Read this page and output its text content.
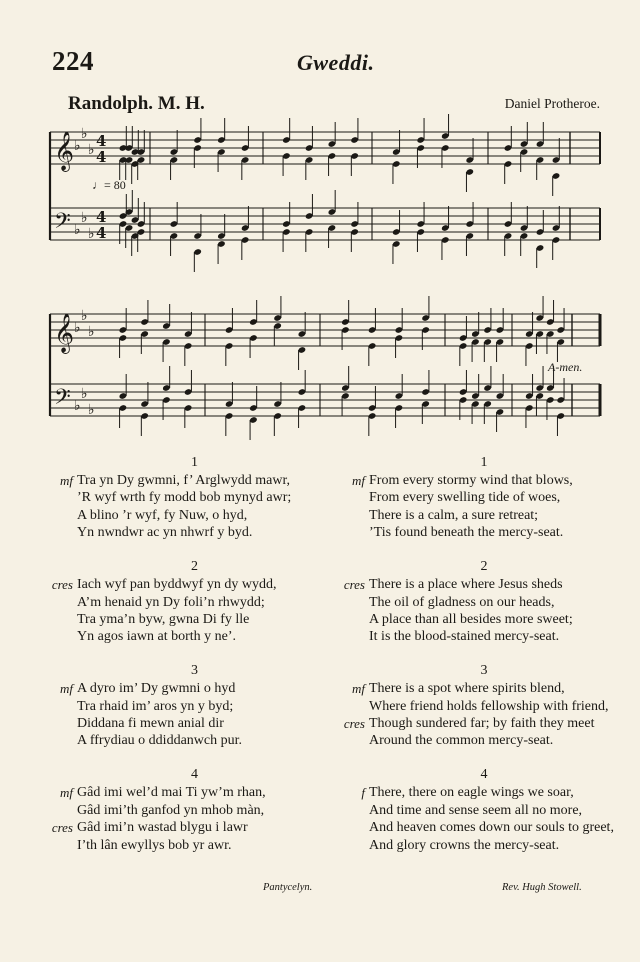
224	Gweddi.
Randolph. M. H.	Daniel Protheroe.
𝄞
𝄢
♭
♭
♭
♭
♭
♭
4
4
4
4
𝄞
𝄢
♭
♭
♭
♭
♭
♭
♩= 80
A-men.
1
mf Tra yn Dy gwmni, f’ Arglwydd mawr,
’R wyf wrth fy modd bob mynyd awr;
A blino ’r wyf, fy Nuw, o hyd,
Yn nwndwr ac yn nhwrf y byd.
2
cres Iach wyf pan byddwyf yn dy wydd,
A’m henaid yn Dy foli’n rhwydd;
Tra yma’n byw, gwna Di fy lle
Yn agos iawn at borth y ne’.
3
mf A dyro im’ Dy gwmni o hyd
Tra rhaid im’ aros yn y byd;
Diddana fi mewn anial dir
A ffrydiau o ddiddanwch pur.
4
mf Gâd imi wel’d mai Ti yw’m rhan,
Gâd imi’th ganfod yn mhob màn,
cres Gâd imi’n wastad blygu i lawr
I’th lân ewyllys bob yr awr.
1
mf From every stormy wind that blows,
From every swelling tide of woes,
There is a calm, a sure retreat;
’Tis found beneath the mercy-seat.
2
cres There is a place where Jesus sheds
The oil of gladness on our heads,
A place than all besides more sweet;
It is the blood-stained mercy-seat.
3
mf There is a spot where spirits blend,
Where friend holds fellowship with friend,
cres Though sundered far; by faith they meet
Around the common mercy-seat.
4
f There, there on eagle wings we soar,
And time and sense seem all no more,
And heaven comes down our souls to greet,
And glory crowns the mercy-seat.
Pantycelyn.	Rev. Hugh Stowell.
